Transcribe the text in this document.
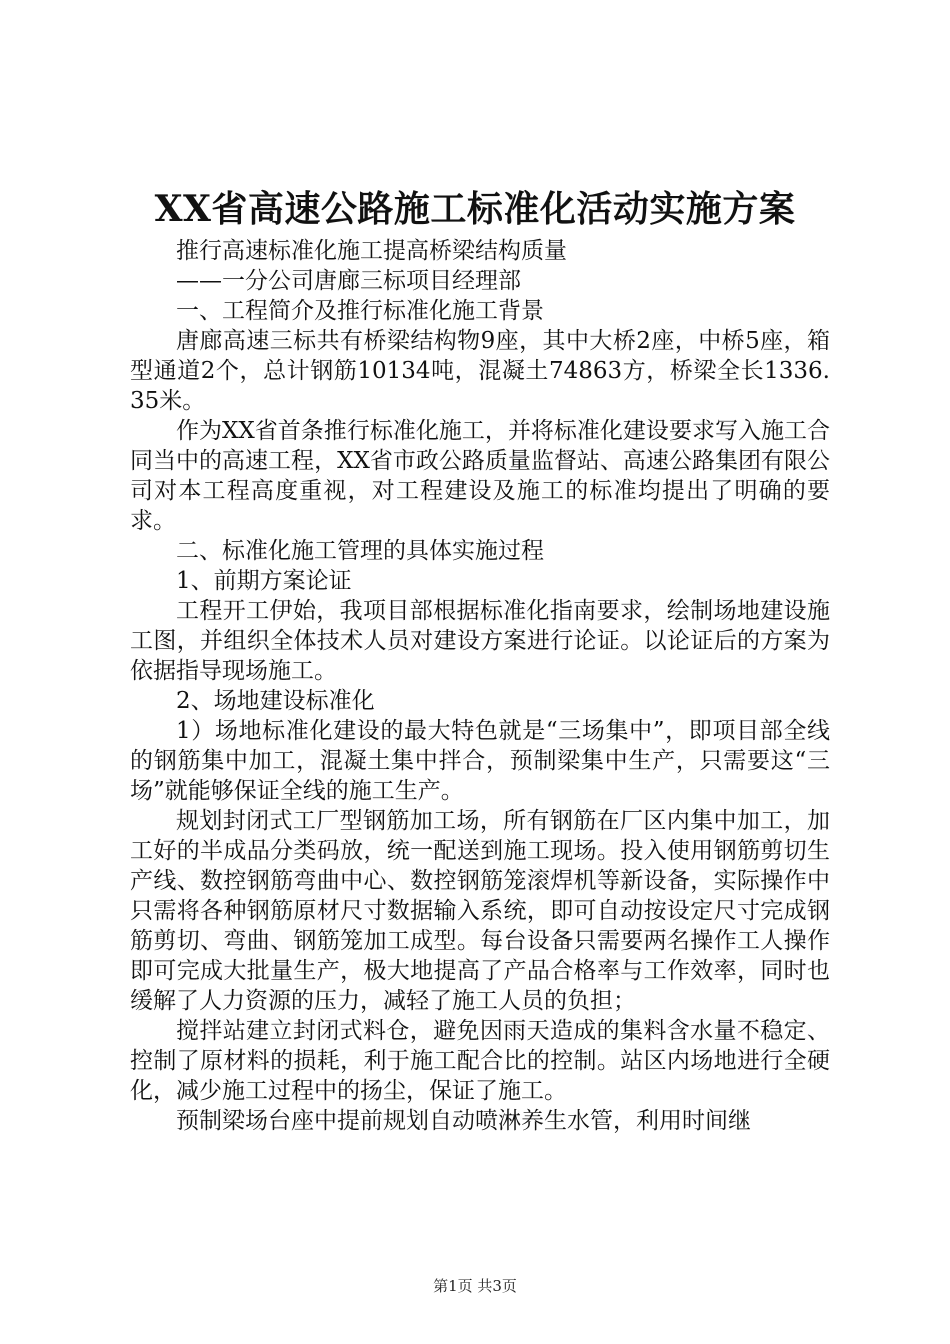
XX省高速公路施工标准化活动实施方案

推行高速标准化施工提高桥梁结构质量

——一分公司唐廊三标项目经理部

一、工程简介及推行标准化施工背景

唐廊高速三标共有桥梁结构物9座，其中大桥2座，中桥5座，箱型通道2个，总计钢筋10134吨，混凝土74863方，桥梁全长1336.35米。

作为XX省首条推行标准化施工，并将标准化建设要求写入施工合同当中的高速工程，XX省市政公路质量监督站、高速公路集团有限公司对本工程高度重视，对工程建设及施工的标准均提出了明确的要求。

二、标准化施工管理的具体实施过程

1、前期方案论证

工程开工伊始，我项目部根据标准化指南要求，绘制场地建设施工图，并组织全体技术人员对建设方案进行论证。以论证后的方案为依据指导现场施工。

2、场地建设标准化

1）场地标准化建设的最大特色就是“三场集中”，即项目部全线的钢筋集中加工，混凝土集中拌合，预制梁集中生产，只需要这“三场”就能够保证全线的施工生产。

规划封闭式工厂型钢筋加工场，所有钢筋在厂区内集中加工，加工好的半成品分类码放，统一配送到施工现场。投入使用钢筋剪切生产线、数控钢筋弯曲中心、数控钢筋笼滚焊机等新设备，实际操作中只需将各种钢筋原材尺寸数据输入系统，即可自动按设定尺寸完成钢筋剪切、弯曲、钢筋笼加工成型。每台设备只需要两名操作工人操作即可完成大批量生产，极大地提高了产品合格率与工作效率，同时也缓解了人力资源的压力，减轻了施工人员的负担；

搅拌站建立封闭式料仓，避免因雨天造成的集料含水量不稳定、控制了原材料的损耗，利于施工配合比的控制。站区内场地进行全硬化，减少施工过程中的扬尘，保证了施工。

预制梁场台座中提前规划自动喷淋养生水管，利用时间继

第1页 共3页
